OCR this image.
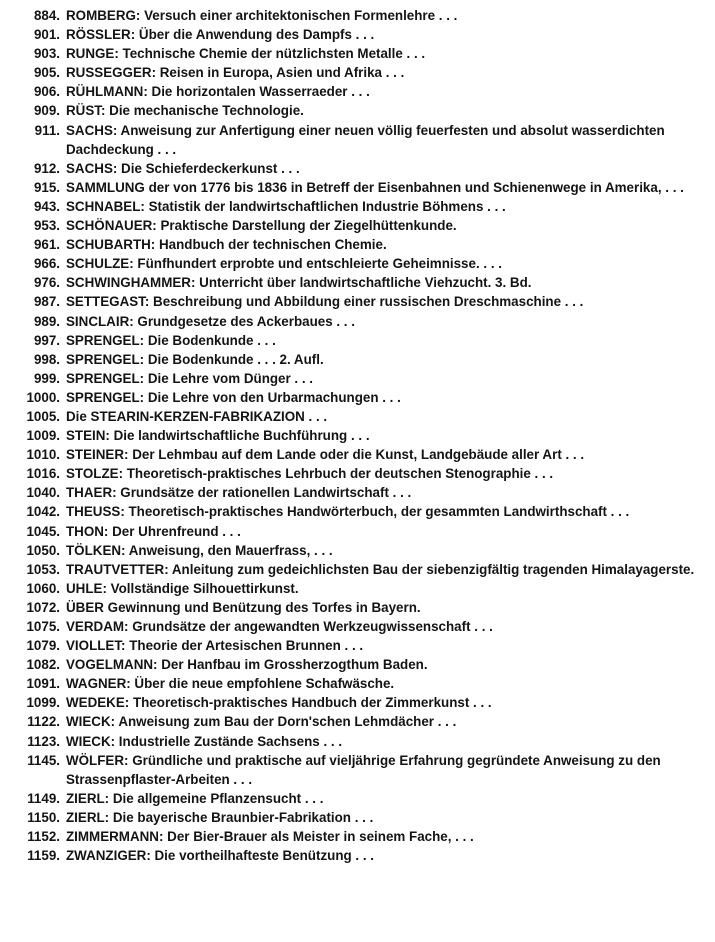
884. ROMBERG: Versuch einer architektonischen Formenlehre . . .
901. RÖSSLER: Über die Anwendung des Dampfs . . .
903. RUNGE: Technische Chemie der nützlichsten Metalle . . .
905. RUSSEGGER: Reisen in Europa, Asien und Afrika . . .
906. RÜHLMANN: Die horizontalen Wasserraeder . . .
909. RÜST: Die mechanische Technologie.
911. SACHS: Anweisung zur Anfertigung einer neuen völlig feuerfesten und absolut wasserdichten Dachdeckung . . .
912. SACHS: Die Schieferdeckerkunst . . .
915. SAMMLUNG der von 1776 bis 1836 in Betreff der Eisenbahnen und Schienenwege in Amerika, . . .
943. SCHNABEL: Statistik der landwirtschaftlichen Industrie Böhmens . . .
953. SCHÖNAUER: Praktische Darstellung der Ziegelhüttenkunde.
961. SCHUBARTH: Handbuch der technischen Chemie.
966. SCHULZE: Fünfhundert erprobte und entschleierte Geheimnisse. . . .
976. SCHWINGHAMMER: Unterricht über landwirtschaftliche Viehzucht. 3. Bd.
987. SETTEGAST: Beschreibung und Abbildung einer russischen Dreschmaschine . . .
989. SINCLAIR: Grundgesetze des Ackerbaues . . .
997. SPRENGEL: Die Bodenkunde . . .
998. SPRENGEL: Die Bodenkunde . . . 2. Aufl.
999. SPRENGEL: Die Lehre vom Dünger . . .
1000. SPRENGEL: Die Lehre von den Urbarmachungen . . .
1005. Die STEARIN-KERZEN-FABRIKAZION . . .
1009. STEIN: Die landwirtschaftliche Buchführung . . .
1010. STEINER: Der Lehmbau auf dem Lande oder die Kunst, Landgebäude aller Art . . .
1016. STOLZE: Theoretisch-praktisches Lehrbuch der deutschen Stenographie . . .
1040. THAER: Grundsätze der rationellen Landwirtschaft . . .
1042. THEUSS: Theoretisch-praktisches Handwörterbuch, der gesammten Landwirthschaft . . .
1045. THON: Der Uhrenfreund . . .
1050. TÖLKEN: Anweisung, den Mauerfrass, . . .
1053. TRAUTVETTER: Anleitung zum gedeichlichsten Bau der siebenzigfältig tragenden Himalayagerste.
1060. UHLE: Vollständige Silhouettirkunst.
1072. ÜBER Gewinnung und Benützung des Torfes in Bayern.
1075. VERDAM: Grundsätze der angewandten Werkzeugwissenschaft . . .
1079. VIOLLET: Theorie der Artesischen Brunnen . . .
1082. VOGELMANN: Der Hanfbau im Grossherzogthum Baden.
1091. WAGNER: Über die neue empfohlene Schafwäsche.
1099. WEDEKE: Theoretisch-praktisches Handbuch der Zimmerkunst . . .
1122. WIECK: Anweisung zum Bau der Dorn'schen Lehmdächer . . .
1123. WIECK: Industrielle Zustände Sachsens . . .
1145. WÖLFER: Gründliche und praktische auf vieljährige Erfahrung gegründete Anweisung zu den Strassenpflaster-Arbeiten . . .
1149. ZIERL: Die allgemeine Pflanzensucht . . .
1150. ZIERL: Die bayerische Braunbier-Fabrikation . . .
1152. ZIMMERMANN: Der Bier-Brauer als Meister in seinem Fache, . . .
1159. ZWANZIGER: Die vortheilhafteste Benützung . . .
